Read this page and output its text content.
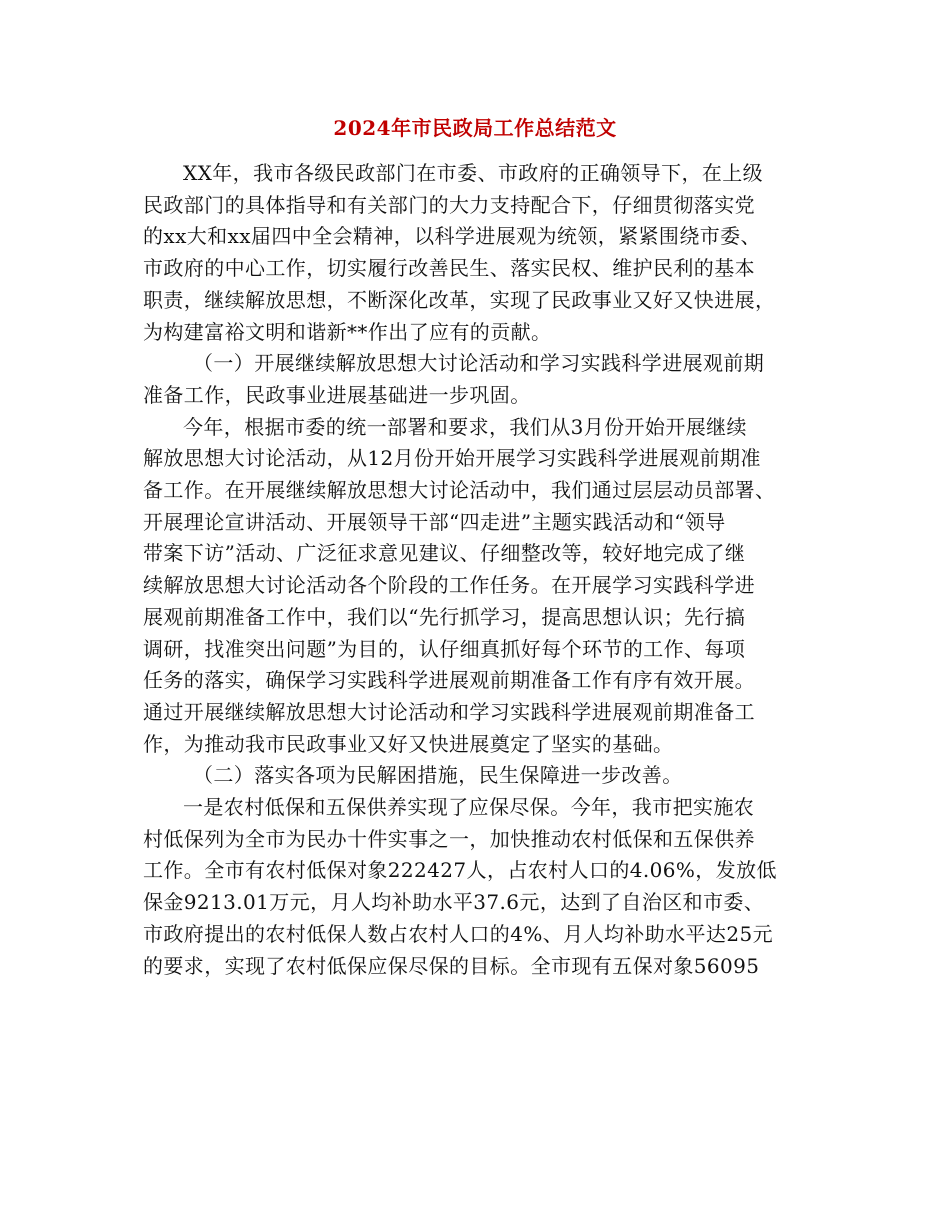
2024年市民政局工作总结范文

XX年，我市各级民政部门在市委、市政府的正确领导下，在上级
民政部门的具体指导和有关部门的大力支持配合下，仔细贯彻落实党
的xx大和xx届四中全会精神，以科学进展观为统领，紧紧围绕市委、
市政府的中心工作，切实履行改善民生、落实民权、维护民利的基本
职责，继续解放思想，不断深化改革，实现了民政事业又好又快进展，
为构建富裕文明和谐新**作出了应有的贡献。

（一）开展继续解放思想大讨论活动和学习实践科学进展观前期
准备工作，民政事业进展基础进一步巩固。

今年，根据市委的统一部署和要求，我们从3月份开始开展继续
解放思想大讨论活动，从12月份开始开展学习实践科学进展观前期准
备工作。在开展继续解放思想大讨论活动中，我们通过层层动员部署、
开展理论宣讲活动、开展领导干部“四走进”主题实践活动和“领导
带案下访”活动、广泛征求意见建议、仔细整改等，较好地完成了继
续解放思想大讨论活动各个阶段的工作任务。在开展学习实践科学进
展观前期准备工作中，我们以“先行抓学习，提高思想认识；先行搞
调研，找准突出问题”为目的，认仔细真抓好每个环节的工作、每项
任务的落实，确保学习实践科学进展观前期准备工作有序有效开展。
通过开展继续解放思想大讨论活动和学习实践科学进展观前期准备工
作，为推动我市民政事业又好又快进展奠定了坚实的基础。

（二）落实各项为民解困措施，民生保障进一步改善。

一是农村低保和五保供养实现了应保尽保。今年，我市把实施农
村低保列为全市为民办十件实事之一，加快推动农村低保和五保供养
工作。全市有农村低保对象222427人，占农村人口的4.06%，发放低
保金9213.01万元，月人均补助水平37.6元，达到了自治区和市委、
市政府提出的农村低保人数占农村人口的4%、月人均补助水平达25元
的要求，实现了农村低保应保尽保的目标。全市现有五保对象56095
